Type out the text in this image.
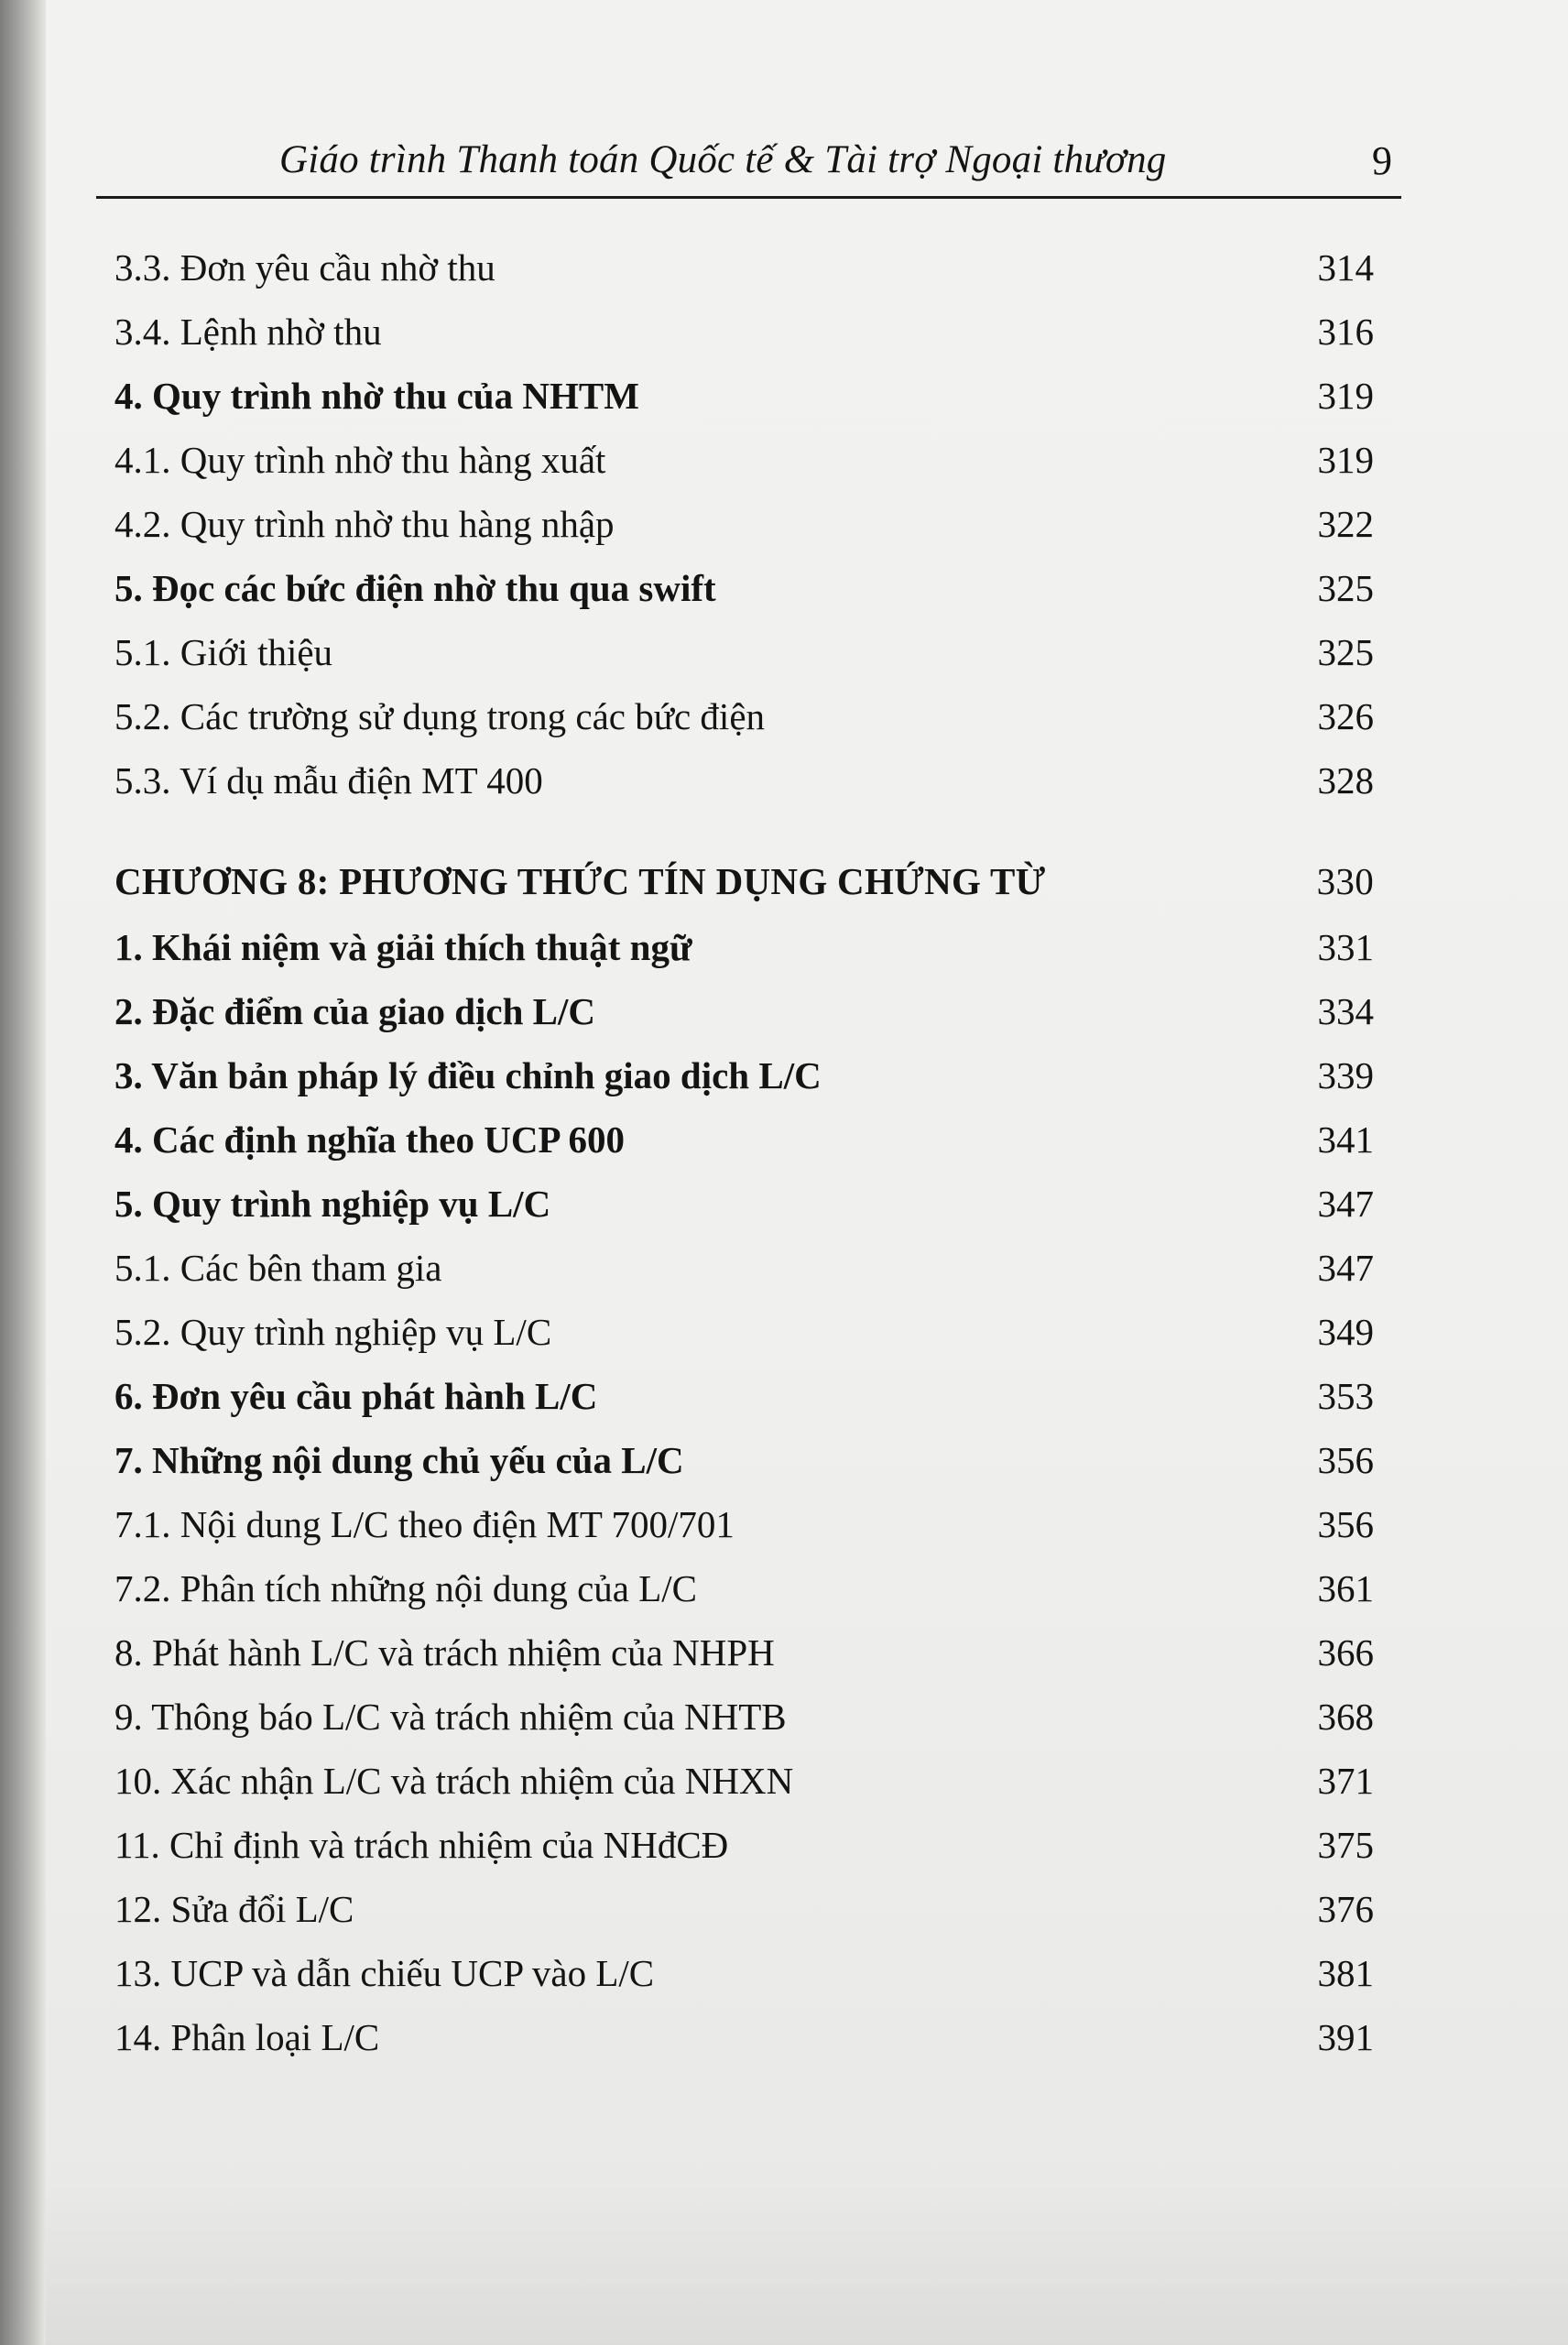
Giáo trình Thanh toán Quốc tế & Tài trợ Ngoại thương	9
3.3. Đơn yêu cầu nhờ thu	314
3.4. Lệnh nhờ thu	316
4. Quy trình nhờ thu của NHTM	319
4.1. Quy trình nhờ thu hàng xuất	319
4.2. Quy trình nhờ thu hàng nhập	322
5. Đọc các bức điện nhờ thu qua swift	325
5.1. Giới thiệu	325
5.2. Các trường sử dụng trong các bức điện	326
5.3. Ví dụ mẫu điện MT 400	328
CHƯƠNG 8: PHƯƠNG THỨC TÍN DỤNG CHỨNG TỪ	330
1. Khái niệm và giải thích thuật ngữ	331
2. Đặc điểm của giao dịch L/C	334
3. Văn bản pháp lý điều chỉnh giao dịch L/C	339
4. Các định nghĩa theo UCP 600	341
5. Quy trình nghiệp vụ L/C	347
5.1. Các bên tham gia	347
5.2. Quy trình nghiệp vụ L/C	349
6. Đơn yêu cầu phát hành L/C	353
7. Những nội dung chủ yếu của L/C	356
7.1. Nội dung L/C theo điện MT 700/701	356
7.2. Phân tích những nội dung của L/C	361
8. Phát hành L/C và trách nhiệm của NHPH	366
9. Thông báo L/C và trách nhiệm của NHTB	368
10. Xác nhận L/C và trách nhiệm của NHXN	371
11. Chỉ định và trách nhiệm của NHđCĐ	375
12. Sửa đổi L/C	376
13. UCP và dẫn chiếu UCP vào L/C	381
14. Phân loại L/C	391
